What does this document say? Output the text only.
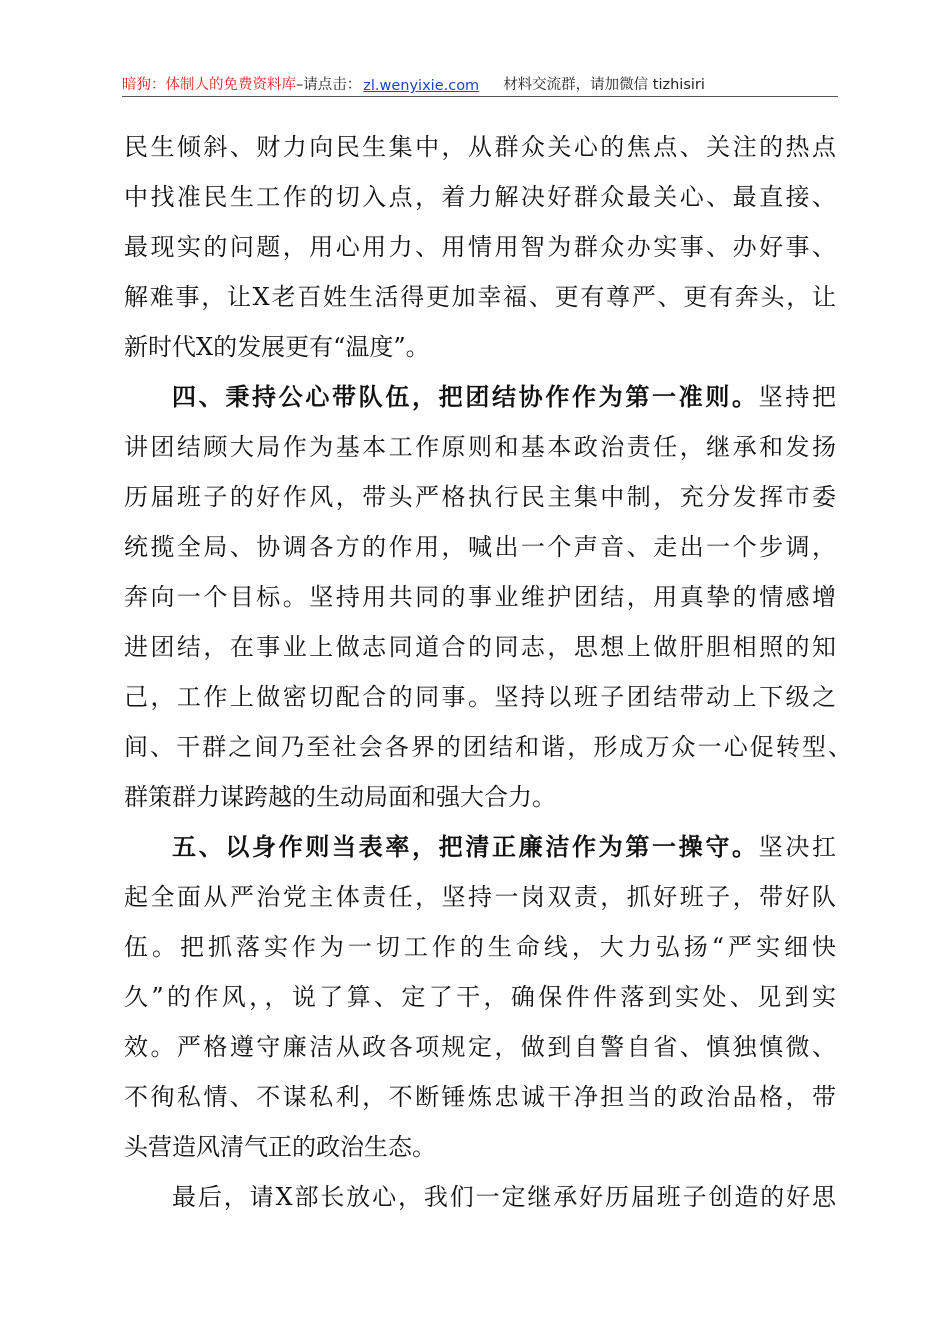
暗狗：体制人的免费资料库 –请点击： zl.wenyixie.com 材料交流群，请加微信 tizhisiri
民生倾斜、财力向民生集中，从群众关心的焦点、关注的热点
中找准民生工作的切入点，着力解决好群众最关心、最直接、
最现实的问题，用心用力、用情用智为群众办实事、办好事、
解难事，让X老百姓生活得更加幸福、更有尊严、更有奔头，让
新时代X的发展更有“温度”。
四、秉持公心带队伍，把团结协作作为第一准则。坚持把
讲团结顾大局作为基本工作原则和基本政治责任，继承和发扬
历届班子的好作风，带头严格执行民主集中制，充分发挥市委
统揽全局、协调各方的作用，喊出一个声音、走出一个步调，
奔向一个目标。坚持用共同的事业维护团结，用真挚的情感增
进团结，在事业上做志同道合的同志，思想上做肝胆相照的知
己，工作上做密切配合的同事。坚持以班子团结带动上下级之
间、干群之间乃至社会各界的团结和谐，形成万众一心促转型、
群策群力谋跨越的生动局面和强大合力。
五、以身作则当表率，把清正廉洁作为第一操守。坚决扛
起全面从严治党主体责任，坚持一岗双责，抓好班子，带好队
伍。把抓落实作为一切工作的生命线，大力弘扬“严实细快
久”的作风，，说了算、定了干，确保件件落到实处、见到实
效。严格遵守廉洁从政各项规定，做到自警自省、慎独慎微、
不徇私情、不谋私利，不断锤炼忠诚干净担当的政治品格，带
头营造风清气正的政治生态。
最后，请X部长放心，我们一定继承好历届班子创造的好思
